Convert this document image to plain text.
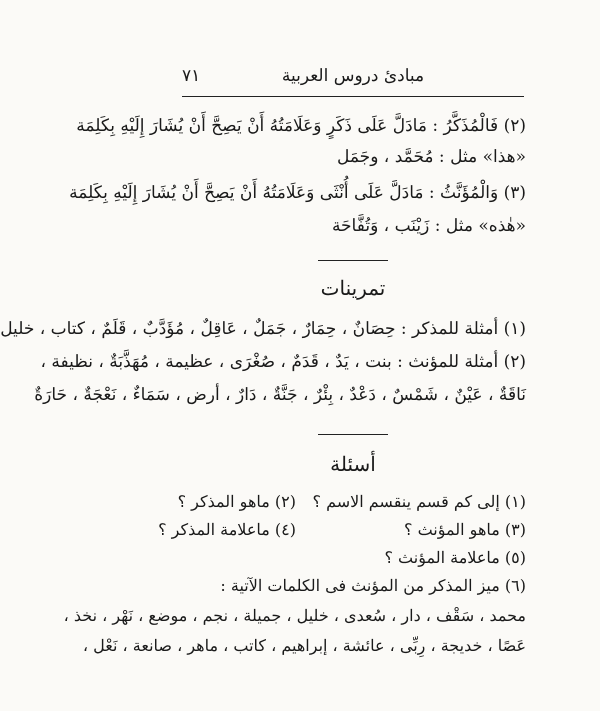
مبادئ دروس العربية
٧١
(٢) فَالْمُذَكَّرُ : مَادَلَّ عَلَى ذَكَرٍ وَعَلَامَتُهُ أَنْ يَصِحَّ أَنْ يُشَارَ إِلَيْهِ بِكَلِمَة
«هذا» مثل : مُحَمَّد ، وجَمَل
(٣) وَالْمُؤَنَّثُ : مَادَلَّ عَلَى أُنْثَى وَعَلَامَتُهُ أَنْ يَصِحَّ أَنْ يُشَارَ إِلَيْهِ بِكَلِمَة
«هٰذه» مثل : زَيْنَب ، وَتُفَّاحَة
تمرينات
(١) أمثلة للمذكر : حِصَانٌ ، حِمَارٌ ، جَمَلٌ ، عَاقِلٌ ، مُؤَدَّبٌ ، قَلَمٌ ، كتاب ، خليل
(٢) أمثلة للمؤنث : بنت ، يَدٌ ، قَدَمٌ ، صُغْرَى ، عظيمة ، مُهَذَّبَةٌ ، نظيفة ،
نَاقَةٌ ، عَيْنٌ ، شَمْسٌ ، دَعْدٌ ، بِئْرٌ ، جَنَّةٌ ، دَارٌ ، أرض ، سَمَاءٌ ، نَعْجَةٌ ، حَارَةٌ
أسئلة
(١) إلى كم قسم ينقسم الاسم ؟
(٢) ماهو المذكر ؟
(٣) ماهو المؤنث ؟
(٤) ماعلامة المذكر ؟
(٥) ماعلامة المؤنث ؟
(٦) ميز المذكر من المؤنث فى الكلمات الآتية :
محمد ، سَقْف ، دار ، سُعدى ، خليل ، جميلة ، نجم ، موضع ، نَهْر ، نخذ ،
عَصًا ، خديجة ، رِبِّى ، عائشة ، إبراهيم ، كاتب ، ماهر ، صانعة ، نَعْل ،
